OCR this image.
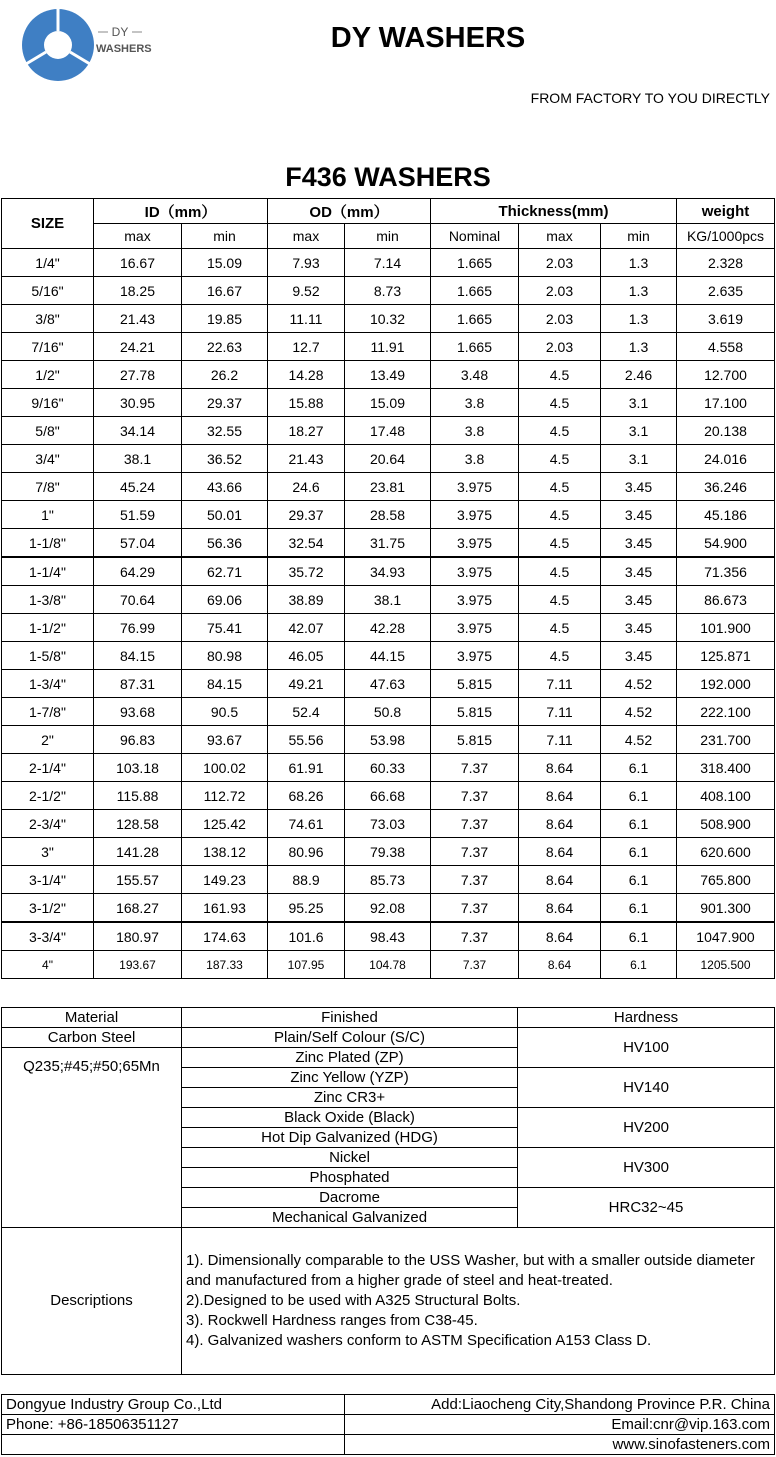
DY
WASHERS	DY WASHERS
FROM FACTORY TO YOU DIRECTLY
F436 WASHERS
SIZE	ID（mm）		OD（mm）		Thickness(mm)			weight
	max	min	max	min	Nominal	max	min	KG/1000pcs
1/4"	16.67	15.09	7.93	7.14	1.665	2.03	1.3	2.328
5/16"	18.25	16.67	9.52	8.73	1.665	2.03	1.3	2.635
3/8"	21.43	19.85	11.11	10.32	1.665	2.03	1.3	3.619
7/16"	24.21	22.63	12.7	11.91	1.665	2.03	1.3	4.558
1/2"	27.78	26.2	14.28	13.49	3.48	4.5	2.46	12.700
9/16"	30.95	29.37	15.88	15.09	3.8	4.5	3.1	17.100
5/8"	34.14	32.55	18.27	17.48	3.8	4.5	3.1	20.138
3/4"	38.1	36.52	21.43	20.64	3.8	4.5	3.1	24.016
7/8"	45.24	43.66	24.6	23.81	3.975	4.5	3.45	36.246
1"	51.59	50.01	29.37	28.58	3.975	4.5	3.45	45.186
1-1/8"	57.04	56.36	32.54	31.75	3.975	4.5	3.45	54.900
1-1/4"	64.29	62.71	35.72	34.93	3.975	4.5	3.45	71.356
1-3/8"	70.64	69.06	38.89	38.1	3.975	4.5	3.45	86.673
1-1/2"	76.99	75.41	42.07	42.28	3.975	4.5	3.45	101.900
1-5/8"	84.15	80.98	46.05	44.15	3.975	4.5	3.45	125.871
1-3/4"	87.31	84.15	49.21	47.63	5.815	7.11	4.52	192.000
1-7/8"	93.68	90.5	52.4	50.8	5.815	7.11	4.52	222.100
2"	96.83	93.67	55.56	53.98	5.815	7.11	4.52	231.700
2-1/4"	103.18	100.02	61.91	60.33	7.37	8.64	6.1	318.400
2-1/2"	115.88	112.72	68.26	66.68	7.37	8.64	6.1	408.100
2-3/4"	128.58	125.42	74.61	73.03	7.37	8.64	6.1	508.900
3"	141.28	138.12	80.96	79.38	7.37	8.64	6.1	620.600
3-1/4"	155.57	149.23	88.9	85.73	7.37	8.64	6.1	765.800
3-1/2"	168.27	161.93	95.25	92.08	7.37	8.64	6.1	901.300
3-3/4"	180.97	174.63	101.6	98.43	7.37	8.64	6.1	1047.900
4"	193.67	187.33	107.95	104.78	7.37	8.64	6.1	1205.500
Material	Finished	Hardness
Carbon Steel	Plain/Self Colour (S/C)	HV100
Q235;#45;#50;65Mn	Zinc Plated (ZP)	
	Zinc Yellow (YZP)	HV140
	Zinc CR3+	
	Black Oxide (Black)	HV200
	Hot Dip Galvanized (HDG)	
	Nickel	HV300
	Phosphated	
	Dacrome	HRC32~45
	Mechanical Galvanized	
Descriptions	1). Dimensionally comparable to the USS Washer, but with a smaller outside diameter and manufactured from a higher grade of steel and heat-treated.
2).Designed to be used with A325 Structural Bolts.
3). Rockwell Hardness ranges from C38-45.
4). Galvanized washers conform to ASTM Specification A153 Class D.	
Dongyue Industry Group Co.,Ltd	Add:Liaocheng City,Shandong Province P.R. China
Phone: +86-18506351127	Email:cnr@vip.163.com
	www.sinofasteners.com
